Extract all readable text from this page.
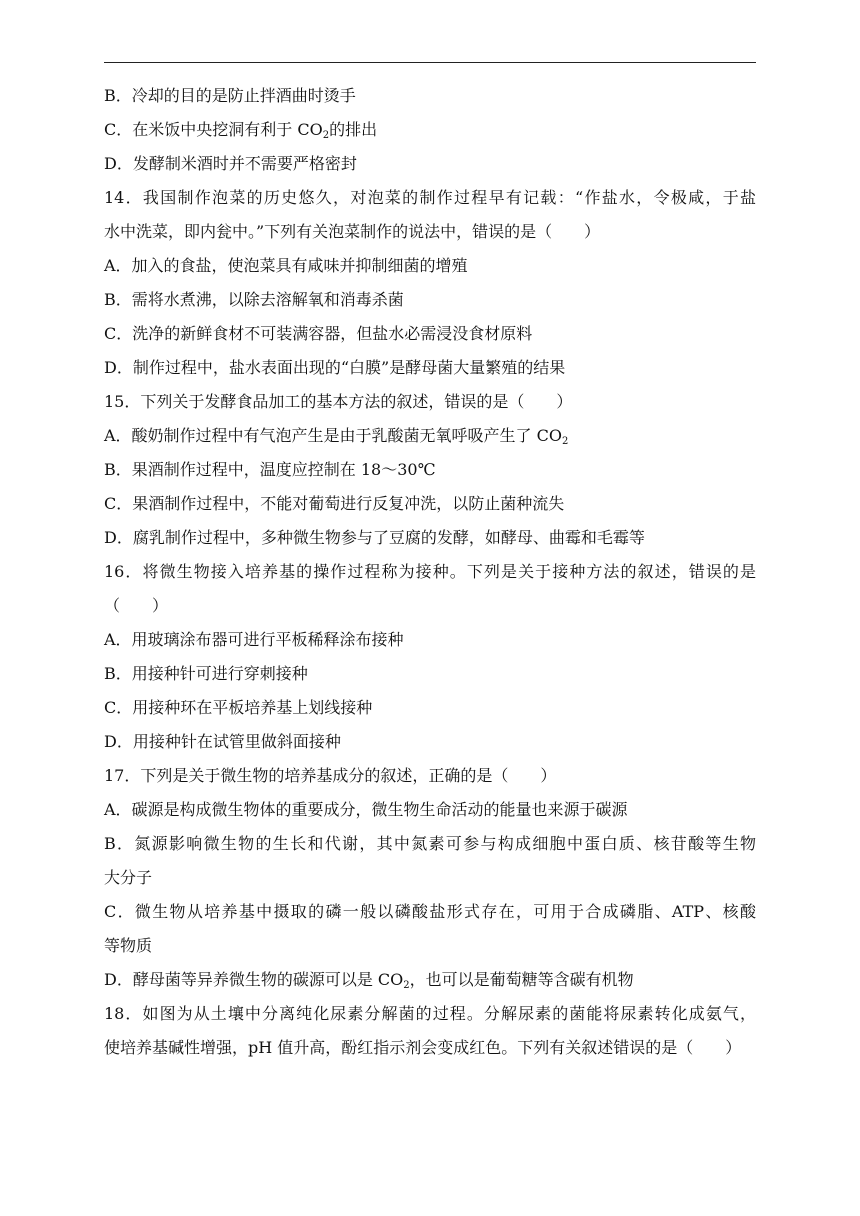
B．冷却的目的是防止拌酒曲时烫手
C．在米饭中央挖洞有利于 $CO_2$的排出
D．发酵制米酒时并不需要严格密封
14．我国制作泡菜的历史悠久，对泡菜的制作过程早有记载：“作盐水，令极咸，于盐
水中洗菜，即内瓮中。”下列有关泡菜制作的说法中，错误的是（　　）
A．加入的食盐，使泡菜具有咸味并抑制细菌的增殖
B．需将水煮沸，以除去溶解氧和消毒杀菌
C．洗净的新鲜食材不可装满容器，但盐水必需浸没食材原料
D．制作过程中，盐水表面出现的“白膜”是酵母菌大量繁殖的结果
15．下列关于发酵食品加工的基本方法的叙述，错误的是（　　）
A．酸奶制作过程中有气泡产生是由于乳酸菌无氧呼吸产生了 $CO_2$
B．果酒制作过程中，温度应控制在 18～30℃
C．果酒制作过程中，不能对葡萄进行反复冲洗，以防止菌种流失
D．腐乳制作过程中，多种微生物参与了豆腐的发酵，如酵母、曲霉和毛霉等
16．将微生物接入培养基的操作过程称为接种。下列是关于接种方法的叙述，错误的是
（　　）
A．用玻璃涂布器可进行平板稀释涂布接种
B．用接种针可进行穿刺接种
C．用接种环在平板培养基上划线接种
D．用接种针在试管里做斜面接种
17．下列是关于微生物的培养基成分的叙述，正确的是（　　）
A．碳源是构成微生物体的重要成分，微生物生命活动的能量也来源于碳源
B．氮源影响微生物的生长和代谢，其中氮素可参与构成细胞中蛋白质、核苷酸等生物
大分子
C．微生物从培养基中摄取的磷一般以磷酸盐形式存在，可用于合成磷脂、ATP、核酸
等物质
D．酵母菌等异养微生物的碳源可以是 $CO_2$，也可以是葡萄糖等含碳有机物
18．如图为从土壤中分离纯化尿素分解菌的过程。分解尿素的菌能将尿素转化成氨气，
使培养基碱性增强，pH 值升高，酚红指示剂会变成红色。下列有关叙述错误的是（　　）
